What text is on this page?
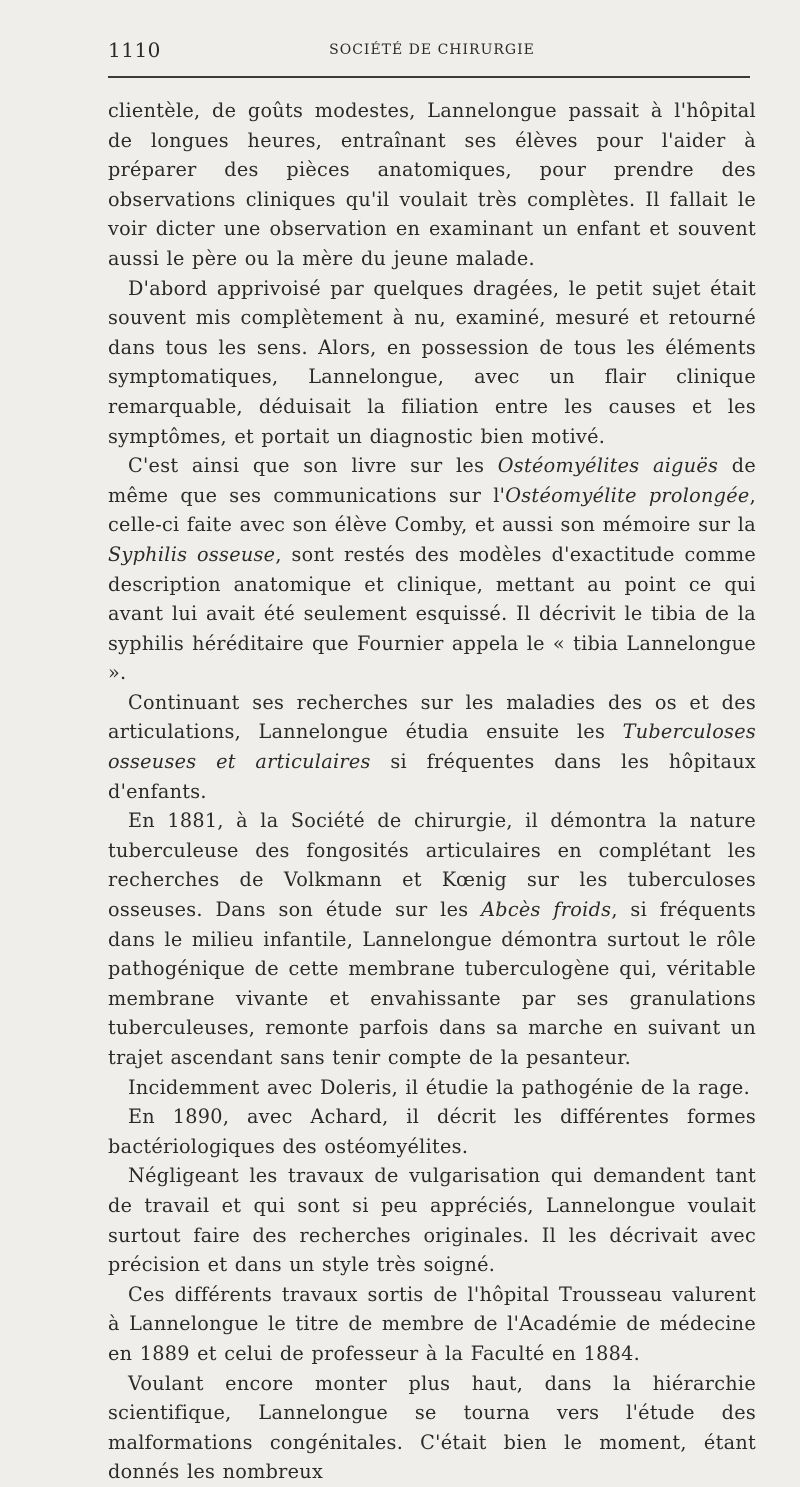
1110	SOCIÉTÉ DE CHIRURGIE

clientèle, de goûts modestes, Lannelongue passait à l'hôpital de longues heures, entraînant ses élèves pour l'aider à préparer des pièces anatomiques, pour prendre des observations cliniques qu'il voulait très complètes. Il fallait le voir dicter une observation en examinant un enfant et souvent aussi le père ou la mère du jeune malade.

D'abord apprivoisé par quelques dragées, le petit sujet était souvent mis complètement à nu, examiné, mesuré et retourné dans tous les sens. Alors, en possession de tous les éléments symptomatiques, Lannelongue, avec un flair clinique remarquable, déduisait la filiation entre les causes et les symptômes, et portait un diagnostic bien motivé.

C'est ainsi que son livre sur les Ostéomyélites aiguës de même que ses communications sur l'Ostéomyélite prolongée, celle-ci faite avec son élève Comby, et aussi son mémoire sur la Syphilis osseuse, sont restés des modèles d'exactitude comme description anatomique et clinique, mettant au point ce qui avant lui avait été seulement esquissé. Il décrivit le tibia de la syphilis héréditaire que Fournier appela le « tibia Lannelongue ».

Continuant ses recherches sur les maladies des os et des articulations, Lannelongue étudia ensuite les Tuberculoses osseuses et articulaires si fréquentes dans les hôpitaux d'enfants.

En 1881, à la Société de chirurgie, il démontra la nature tuberculeuse des fongosités articulaires en complétant les recherches de Volkmann et Kœnig sur les tuberculoses osseuses. Dans son étude sur les Abcès froids, si fréquents dans le milieu infantile, Lannelongue démontra surtout le rôle pathogénique de cette membrane tuberculogène qui, véritable membrane vivante et envahissante par ses granulations tuberculeuses, remonte parfois dans sa marche en suivant un trajet ascendant sans tenir compte de la pesanteur.

Incidemment avec Doleris, il étudie la pathogénie de la rage.

En 1890, avec Achard, il décrit les différentes formes bactériologiques des ostéomyélites.

Négligeant les travaux de vulgarisation qui demandent tant de travail et qui sont si peu appréciés, Lannelongue voulait surtout faire des recherches originales. Il les décrivait avec précision et dans un style très soigné.

Ces différents travaux sortis de l'hôpital Trousseau valurent à Lannelongue le titre de membre de l'Académie de médecine en 1889 et celui de professeur à la Faculté en 1884.

Voulant encore monter plus haut, dans la hiérarchie scientifique, Lannelongue se tourna vers l'étude des malformations congénitales. C'était bien le moment, étant donnés les nombreux
